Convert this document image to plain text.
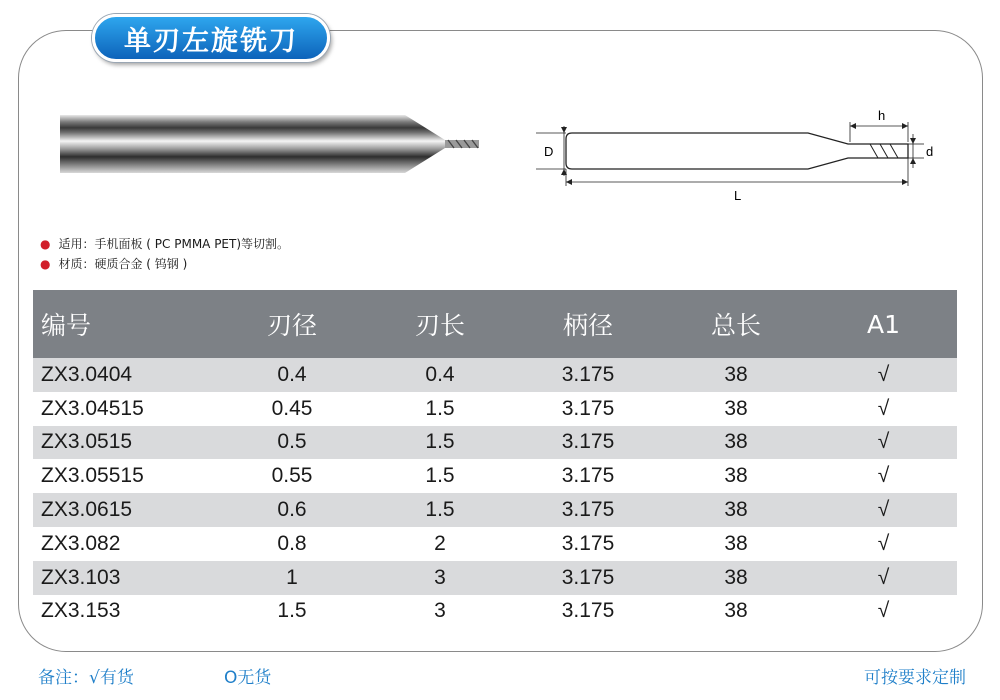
单刃左旋铣刀
D	d
h
L
● 适用：手机面板 ( PC PMMA PET)等切割。
● 材质：硬质合金 ( 钨钢 )
编号	刃径	刃长	柄径	总长	A1
ZX3.0404	0.4	0.4	3.175	38	√
ZX3.04515	0.45	1.5	3.175	38	√
ZX3.0515	0.5	1.5	3.175	38	√
ZX3.05515	0.55	1.5	3.175	38	√
ZX3.0615	0.6	1.5	3.175	38	√
ZX3.082	0.8	2	3.175	38	√
ZX3.103	1	3	3.175	38	√
ZX3.153	1.5	3	3.175	38	√
备注：√有货	O无货	可按要求定制
